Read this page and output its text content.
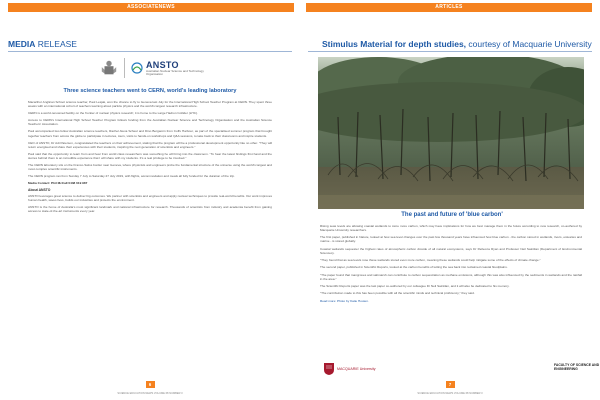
ASSOCIATENEWS
MEDIA RELEASE
ANSTO
Australian Nuclear Science and Technology Organisation
Three science teachers went to CERN, world's leading laboratory

Macarthur Anglican School science teacher, Paul Lesjak, won the chance to fly to Geneva last July for the International High School Teacher Program at CERN. They spent three weeks with an international cohort of teachers learning about particle physics and the world's largest research infrastructure.

CERN is a world-renowned facility on the frontier of nuclear physics research; it is home to the Large Hadron Collider (LHC).

Access to CERN's International High School Teacher Program follows funding from the Australian Nuclear Science and Technology Organisation and the Australian Science Teachers' Association.

Paul accompanied two fellow Australian science teachers, Rachel Alexa Scheul and Dino Bergamin from Coffs Harbour, as part of the specialised summer program that brought together teachers from across the globe to participate in lectures, tours, visits to hands-on workshops and Q&A sessions, to take back to their classrooms and inspire students.

CEO of ANSTO, Dr Adi Paterson, congratulated the teachers on their achievement, stating that the program will be a professional development opportunity like no other. "They will return energised and share their experiences with their students, inspiring the next generation of scientists and engineers."

Paul said that the opportunity to learn from and hear from world class researchers was something he will bring into the classroom. "To hear the latest findings first hand and the stories behind them is an incredible experience that I will share with my students. It's a real privilege to be involved."

The CERN laboratory sits on the Franco-Swiss border near Geneva, where physicists and engineers probe the fundamental structure of the universe using the world's largest and most complex scientific instruments.

The CERN program ran from Sunday 7 July to Saturday 27 July 2019, with flights, accommodation and meals all fully funded for the duration of the trip.

Media Contact: Phil McCall 0438 619 987

About ANSTO

ANSTO leverages great science to deliver big outcomes. We partner with scientists and engineers and apply nuclear techniques to provide real-world benefits. Our work improves human health, saves lives, builds our industries and protects the environment.

ANSTO is the home of Australia's most significant landmark and national infrastructure for research. Thousands of scientists from industry and academia benefit from gaining access to state-of-the-art instruments every year.

6
SCIENCE EDUCATION NEWS VOLUME 68 NUMBER 3
ARTICLES
Stimulus Material for depth studies, courtesy of Macquarie University
The past and future of 'blue carbon'

Rising seas levels are allowing coastal wetlands to store more carbon, which may have implications for how we best manage them in the future according to new research, co-authored by Macquarie University researchers.

The first paper, published in Nature, looked at how sea level changes over the past few thousand years have influenced how blue carbon - the carbon stored in wetlands, rivers, estuaries and marine - is stored globally.

Coastal wetlands sequester the highest rates of atmospheric carbon dioxide of all natural ecosystems, says Dr Rebecca Ryan and Professor Neil Saintilan (Department of Environmental Sciences).

"They found that as sea levels rose these wetlands stored even more carbon, meaning these wetlands could help mitigate some of the effects of climate change."

The second paper, published in Scientific Reports, looked at the carbon benefits of letting the sea back into reclaimed coastal floodplains.

"The paper found that mangroves and saltmarsh can contribute to carbon sequestration as methane emissions, although this was also influenced by the sediments in wetlands and the rainfall in the area."

The Scientific Reports paper was the last paper co-authored by our colleague Dr Neil Saintilan, and it will also be dedicated to his memory.

"The contribution made to this has been possible with all the scientific minds and technical proficiency," they said.

Read more: Photo by Katie Hooten.

MACQUARIE University
FACULTY OF SCIENCE AND ENGINEERING
7
SCIENCE EDUCATION NEWS VOLUME 68 NUMBER 3
